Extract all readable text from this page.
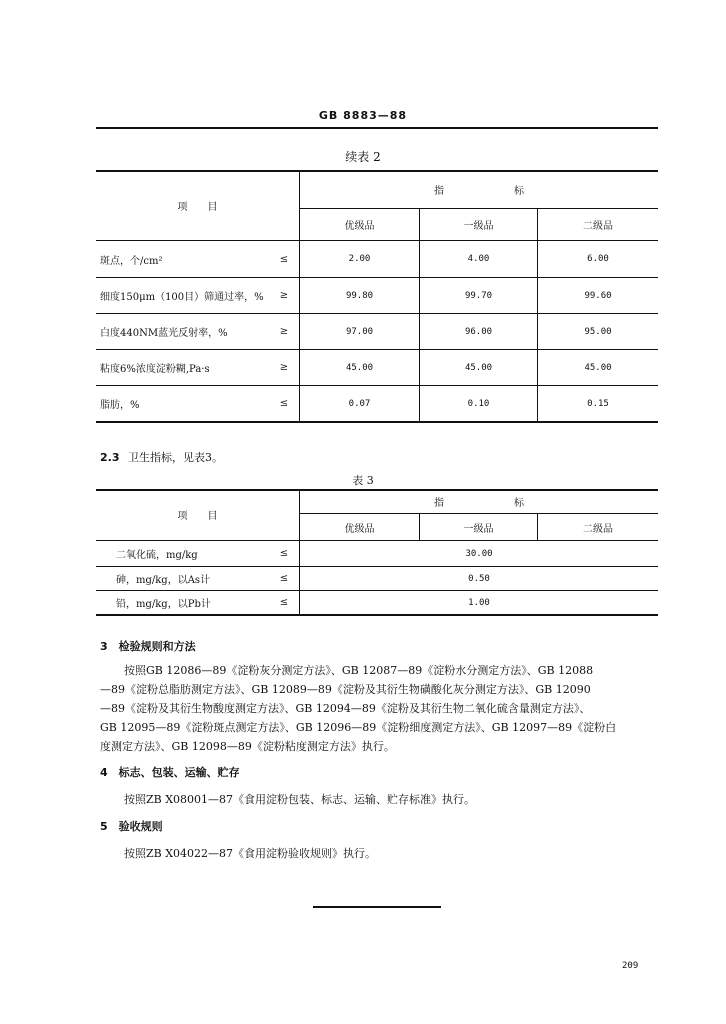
GB 8883—88
续表 2
项　　目
指　　　　　　　标
优级品	一级品	二级品
斑点，个/cm²	≤	2.00	4.00	6.00
细度150μm（100目）筛通过率，%	≥	99.80	99.70	99.60
白度440NM蓝光反射率，%	≥	97.00	96.00	95.00
粘度6%浓度淀粉糊,Pa·s	≥	45.00	45.00	45.00
脂肪，%	≤	0.07	0.10	0.15
2.3 卫生指标，见表3。
表 3
项　　目
指　　　　　　　标
优级品	一级品	二级品
二氧化硫，mg/kg	≤	30.00
砷，mg/kg，以As计	≤	0.50
铅，mg/kg，以Pb计	≤	1.00
3　检验规则和方法
按照GB 12086—89《淀粉灰分测定方法》、GB 12087—89《淀粉水分测定方法》、GB 12088
—89《淀粉总脂肪测定方法》、GB 12089—89《淀粉及其衍生物磺酸化灰分测定方法》、GB 12090
—89《淀粉及其衍生物酸度测定方法》、GB 12094—89《淀粉及其衍生物二氧化硫含量测定方法》、
GB 12095—89《淀粉斑点测定方法》、GB 12096—89《淀粉细度测定方法》、GB 12097—89《淀粉白
度测定方法》、GB 12098—89《淀粉粘度测定方法》执行。
4　标志、包装、运输、贮存
按照ZB X08001—87《食用淀粉包装、标志、运输、贮存标准》执行。
5　验收规则
按照ZB X04022—87《食用淀粉验收规则》执行。
209
